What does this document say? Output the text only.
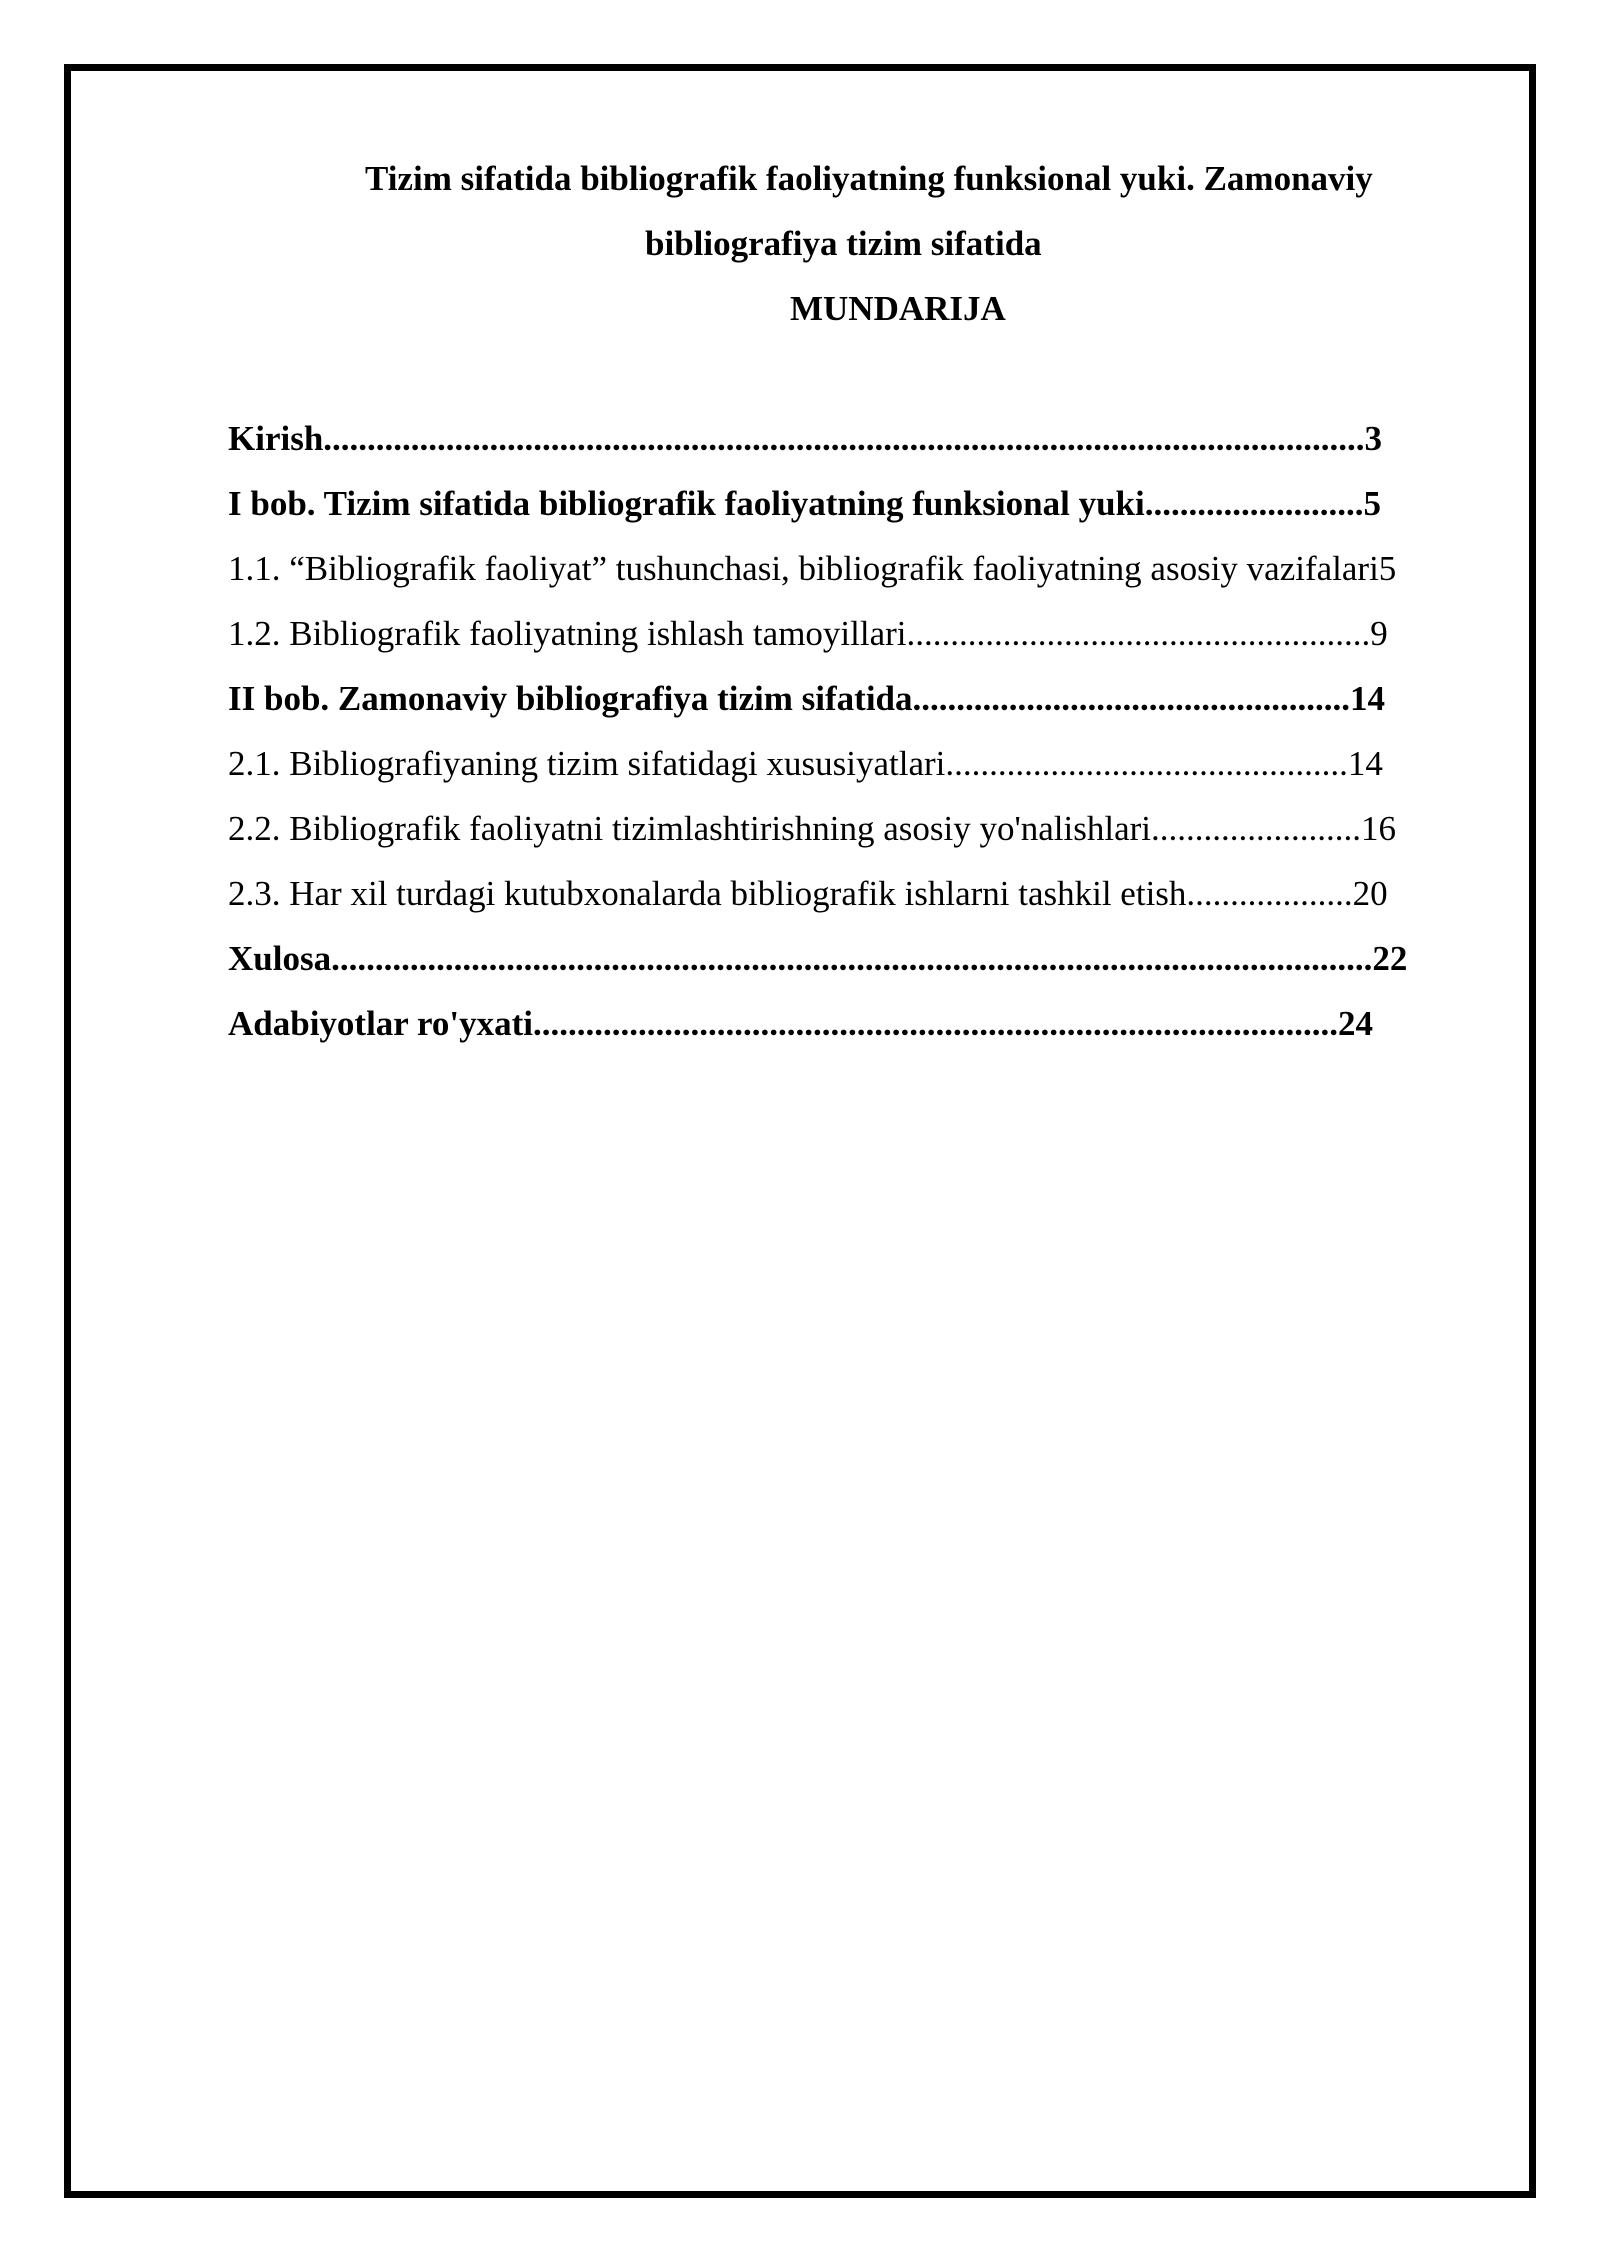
Tizim sifatida bibliografik faoliyatning funksional yuki. Zamonaviy
bibliografiya tizim sifatida
MUNDARIJA
Kirish.......................................................................................................................3
I bob. Tizim sifatida bibliografik faoliyatning funksional yuki.........................5
1.1. “Bibliografik faoliyat” tushunchasi, bibliografik faoliyatning asosiy vazifalari5
1.2. Bibliografik faoliyatning ishlash tamoyillari.....................................................9
II bob. Zamonaviy bibliografiya tizim sifatida..................................................14
2.1. Bibliografiyaning tizim sifatidagi xususiyatlari..............................................14
2.2. Bibliografik faoliyatni tizimlashtirishning asosiy yo'nalishlari........................16
2.3. Har xil turdagi kutubxonalarda bibliografik ishlarni tashkil etish...................20
Xulosa.......................................................................................................................22
Adabiyotlar ro'yxati............................................................................................24
